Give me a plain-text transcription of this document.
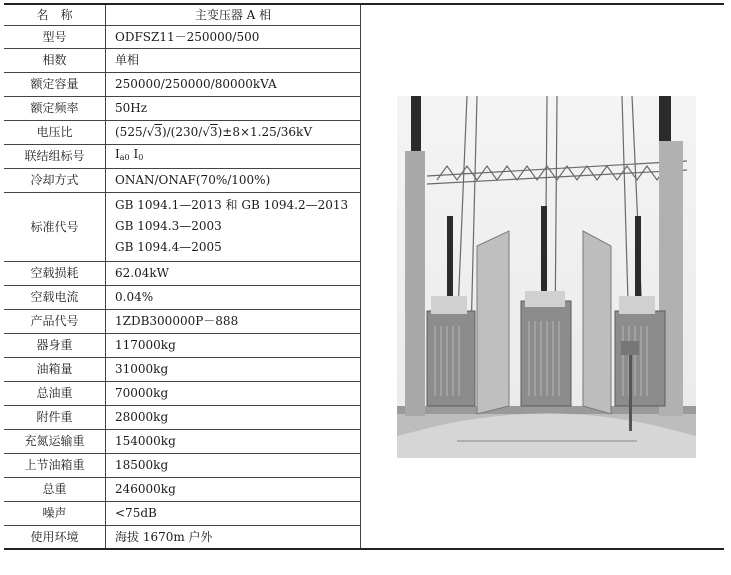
名　称	主变压器 A 相	

型号	ODFSZ11－250000/500	
相数	单相	
额定容量	250000/250000/80000kVA	
额定频率	50Hz	
电压比	(525/√3)/(230/√3)±8×1.25/36kV	
联结组标号	$I_{a0}$ $I_0$
冷却方式	ONAN/ONAF(70%/100%)	
标准代号	GB 1094.1—2013 和 GB 1094.2—2013
GB 1094.3—2003
GB 1094.4—2005	

空载损耗	62.04kW	
空载电流	0.04%	
产品代号	1ZDB300000P－888	
器身重	117000kg	
油箱量	31000kg	
总油重	70000kg	
附件重	28000kg	
充氮运输重	154000kg	
上节油箱重	18500kg	
总重	246000kg	
噪声	<75dB	
使用环境	海拔 1670m 户外	
